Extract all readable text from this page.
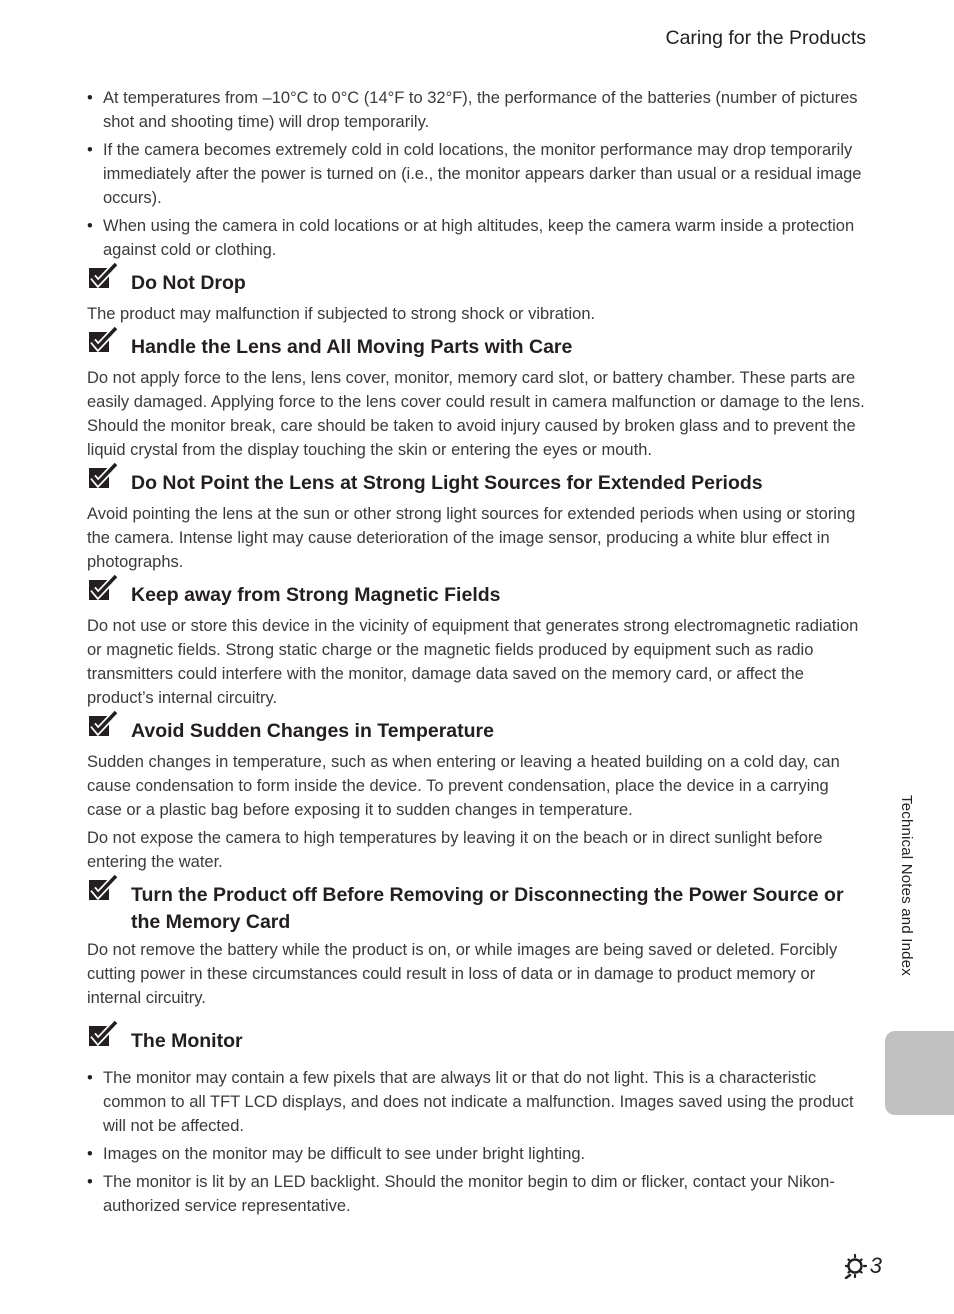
Caring for the Products
• At temperatures from –10°C to 0°C (14°F to 32°F), the performance of the batteries (number of pictures shot and shooting time) will drop temporarily.
• If the camera becomes extremely cold in cold locations, the monitor performance may drop temporarily immediately after the power is turned on (i.e., the monitor appears darker than usual or a residual image occurs).
• When using the camera in cold locations or at high altitudes, keep the camera warm inside a protection against cold or clothing.
Do Not Drop

The product may malfunction if subjected to strong shock or vibration.

Handle the Lens and All Moving Parts with Care

Do not apply force to the lens, lens cover, monitor, memory card slot, or battery chamber. These parts are easily damaged. Applying force to the lens cover could result in camera malfunction or damage to the lens. Should the monitor break, care should be taken to avoid injury caused by broken glass and to prevent the liquid crystal from the display touching the skin or entering the eyes or mouth.

Do Not Point the Lens at Strong Light Sources for Extended Periods

Avoid pointing the lens at the sun or other strong light sources for extended periods when using or storing the camera. Intense light may cause deterioration of the image sensor, producing a white blur effect in photographs.

Keep away from Strong Magnetic Fields

Do not use or store this device in the vicinity of equipment that generates strong electromagnetic radiation or magnetic fields. Strong static charge or the magnetic fields produced by equipment such as radio transmitters could interfere with the monitor, damage data saved on the memory card, or affect the product’s internal circuitry.

Avoid Sudden Changes in Temperature

Sudden changes in temperature, such as when entering or leaving a heated building on a cold day, can cause condensation to form inside the device. To prevent condensation, place the device in a carrying case or a plastic bag before exposing it to sudden changes in temperature.

Do not expose the camera to high temperatures by leaving it on the beach or in direct sunlight before entering the water.

Turn the Product off Before Removing or Disconnecting the Power Source or the Memory Card

Do not remove the battery while the product is on, or while images are being saved or deleted. Forcibly cutting power in these circumstances could result in loss of data or in damage to product memory or internal circuitry.

The Monitor
• The monitor may contain a few pixels that are always lit or that do not light. This is a characteristic common to all TFT LCD displays, and does not indicate a malfunction. Images saved using the product will not be affected.
• Images on the monitor may be difficult to see under bright lighting.
• The monitor is lit by an LED backlight. Should the monitor begin to dim or flicker, contact your Nikon-authorized service representative.
Technical Notes and Index
3
